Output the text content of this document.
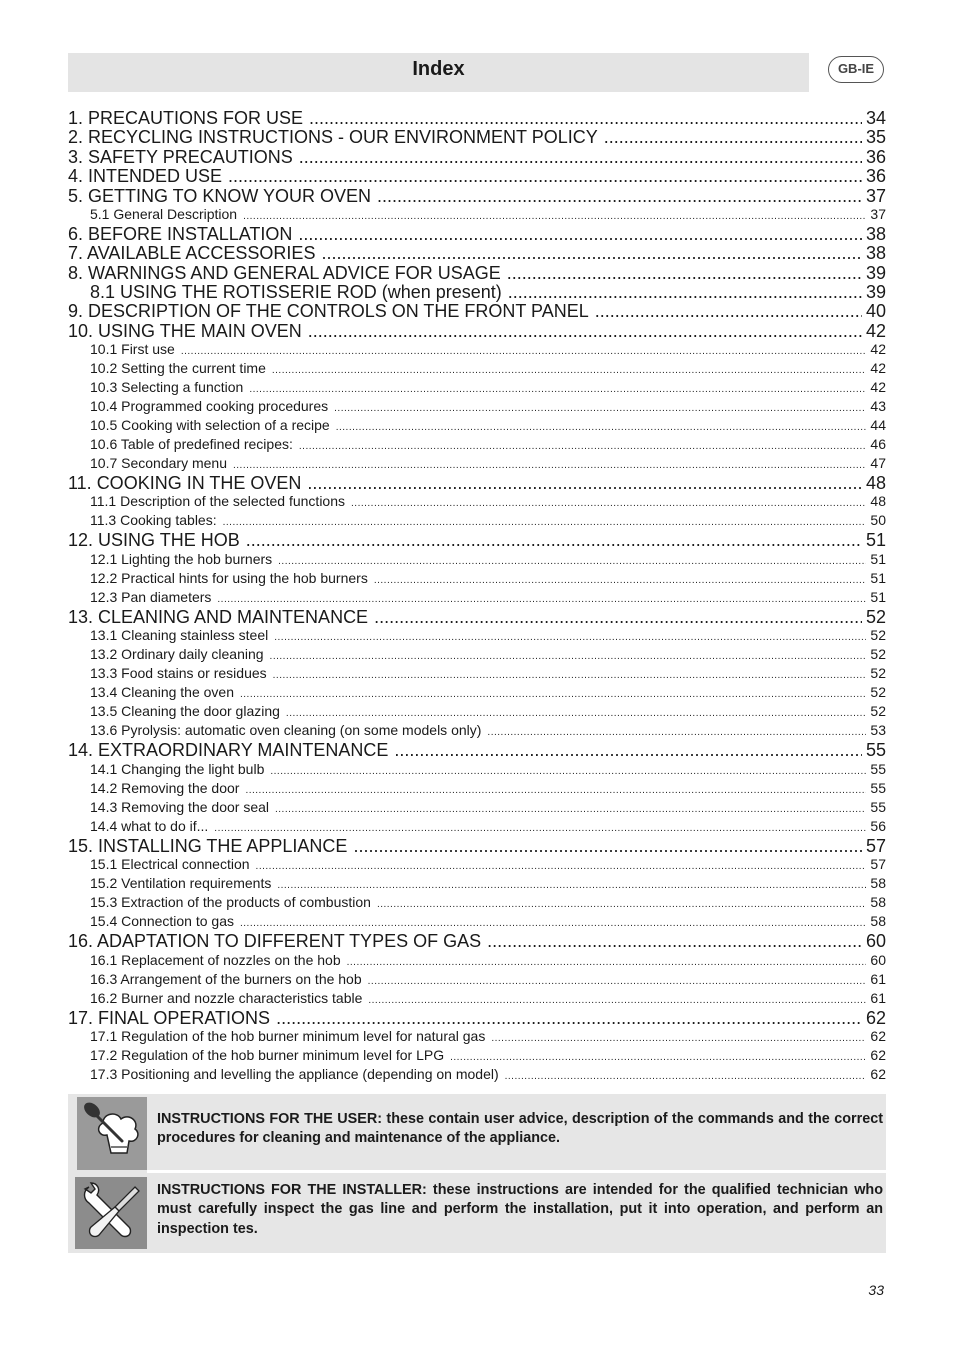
Index	GB-IE
1. PRECAUTIONS FOR USE .....	34
2. RECYCLING INSTRUCTIONS - OUR ENVIRONMENT POLICY .....	35
3. SAFETY PRECAUTIONS .....	36
4. INTENDED USE .....	36
5. GETTING TO KNOW YOUR OVEN .....	37
5.1 General Description .....	37
6. BEFORE INSTALLATION .....	38
7. AVAILABLE ACCESSORIES .....	38
8. WARNINGS AND GENERAL ADVICE FOR USAGE .....	39
8.1 USING THE ROTISSERIE ROD (when present) .....	39
9. DESCRIPTION OF THE CONTROLS ON THE FRONT PANEL .....	40
10. USING THE MAIN OVEN .....	42
10.1 First use .....	42
10.2 Setting the current time .....	42
10.3 Selecting a function .....	42
10.4 Programmed cooking procedures .....	43
10.5 Cooking with selection of a recipe .....	44
10.6 Table of predefined recipes: .....	46
10.7 Secondary menu .....	47
11. COOKING IN THE OVEN .....	48
11.1 Description of the selected functions .....	48
11.3 Cooking tables: .....	50
12. USING THE HOB .....	51
12.1 Lighting the hob burners .....	51
12.2 Practical hints for using the hob burners .....	51
12.3 Pan diameters .....	51
13. CLEANING AND MAINTENANCE .....	52
13.1 Cleaning stainless steel .....	52
13.2 Ordinary daily cleaning .....	52
13.3 Food stains or residues .....	52
13.4 Cleaning the oven .....	52
13.5 Cleaning the door glazing .....	52
13.6 Pyrolysis: automatic oven cleaning (on some models only) .....	53
14. EXTRAORDINARY MAINTENANCE .....	55
14.1 Changing the light bulb .....	55
14.2 Removing the door .....	55
14.3 Removing the door seal .....	55
14.4 what to do if... .....	56
15. INSTALLING THE APPLIANCE .....	57
15.1 Electrical connection .....	57
15.2 Ventilation requirements .....	58
15.3 Extraction of the products of combustion .....	58
15.4 Connection to gas .....	58
16. ADAPTATION TO DIFFERENT TYPES OF GAS .....	60
16.1 Replacement of nozzles on the hob .....	60
16.3 Arrangement of the burners on the hob .....	61
16.2 Burner and nozzle characteristics table .....	61
17. FINAL OPERATIONS .....	62
17.1 Regulation of the hob burner minimum level for natural gas .....	62
17.2 Regulation of the hob burner minimum level for LPG .....	62
17.3 Positioning and levelling the appliance (depending on model) .....	62
INSTRUCTIONS FOR THE USER: these contain user advice, description of the commands and the correct procedures for cleaning and maintenance of the appliance.
INSTRUCTIONS FOR THE INSTALLER: these instructions are intended for the qualified technician who must carefully inspect the gas line and perform the installation, put it into operation, and perform an inspection tes.
33
